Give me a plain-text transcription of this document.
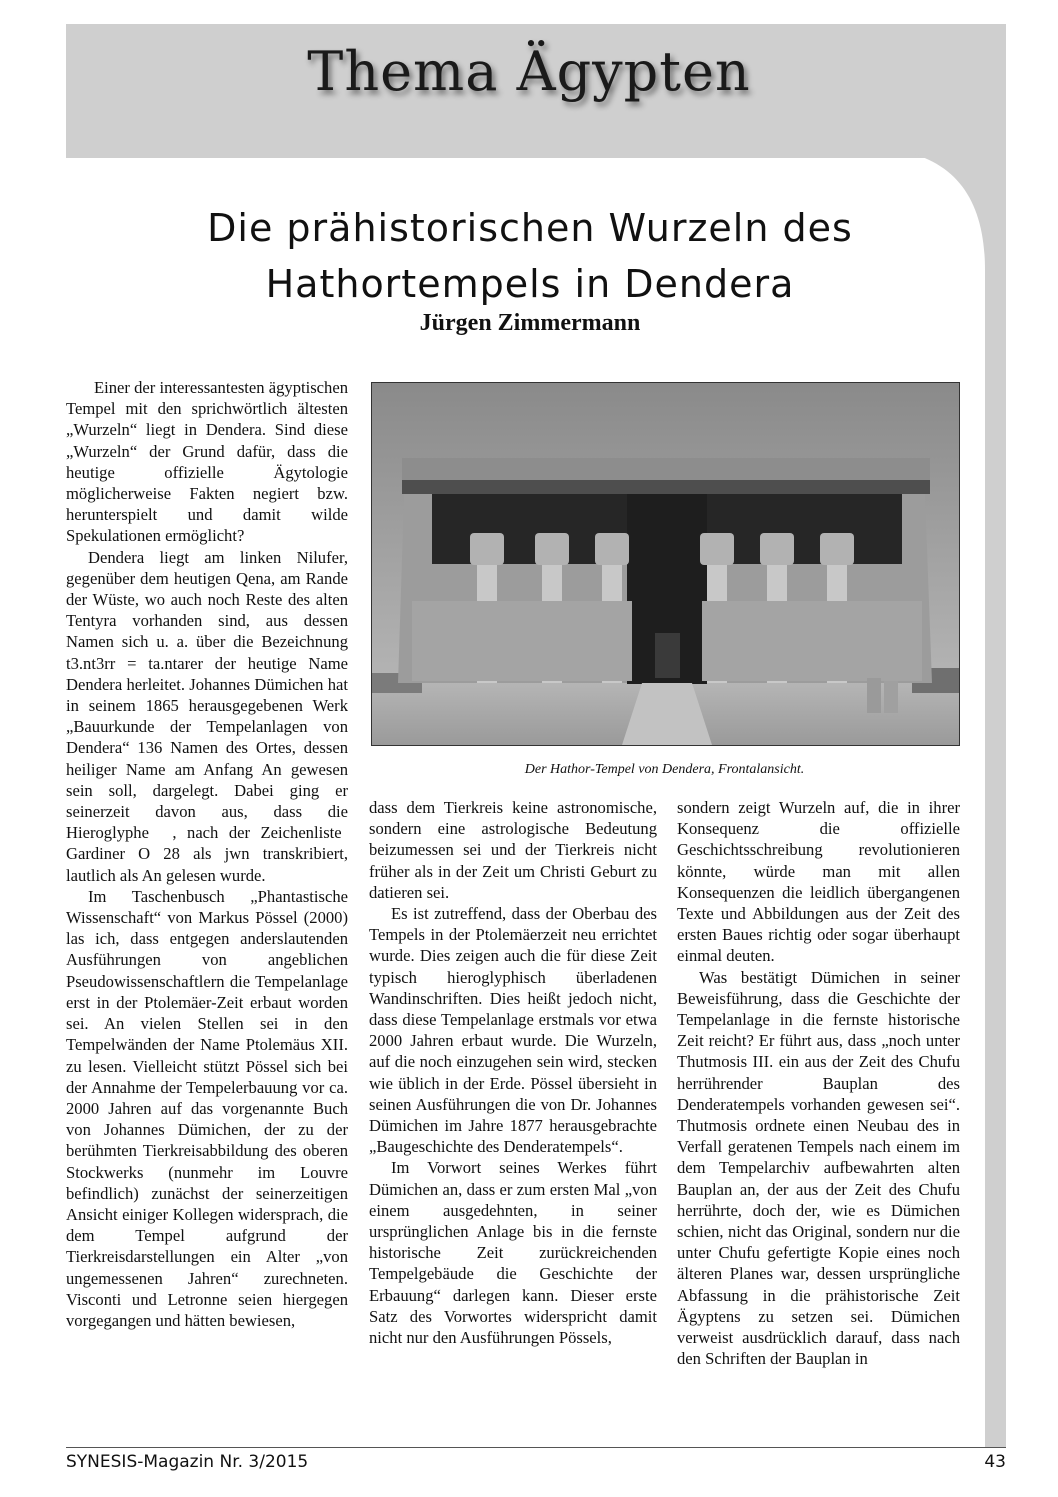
Thema Ägypten
Die prähistorischen Wurzeln des
Hathortempels in Dendera
Jürgen Zimmermann
Der Hathor-Tempel von Dendera, Frontalansicht.

Einer der interessantesten ägyptischen Tempel mit den sprichwörtlich ältesten „Wurzeln“ liegt in Dendera. Sind diese „Wurzeln“ der Grund dafür, dass die heutige offizielle Ägytologie möglicherweise Fakten negiert bzw. herunterspielt und damit wilde Spekulationen ermöglicht?

Dendera liegt am linken Nilufer, gegenüber dem heutigen Qena, am Rande der Wüste, wo auch noch Reste des alten Tentyra vorhanden sind, aus dessen Namen sich u. a. über die Bezeichnung t3.nt3rr = ta.ntarer der heutige Name Dendera herleitet. Johannes Dümichen hat in seinem 1865 herausgegebenen Werk „Bauurkunde der Tempelanlagen von Dendera“ 136 Namen des Ortes, dessen heiliger Name am Anfang An gewesen sein soll, dargelegt. Dabei ging er seinerzeit davon aus, dass die Hieroglyphe ⃞, nach der Zeichenliste Gardiner O 28 als jwn transkribiert, lautlich als An gelesen wurde.

Im Taschenbusch „Phantastische Wissenschaft“ von Markus Pössel (2000) las ich, dass entgegen anderslautenden Ausführungen von angeblichen Pseudowissenschaftlern die Tempelanlage erst in der Ptolemäer-Zeit erbaut worden sei. An vielen Stellen sei in den Tempelwänden der Name Ptolemäus XII. zu lesen. Vielleicht stützt Pössel sich bei der Annahme der Tempelerbauung vor ca. 2000 Jahren auf das vorgenannte Buch von Johannes Dümichen, der zu der berühmten Tierkreisabbildung des oberen Stockwerks (nunmehr im Louvre befindlich) zunächst der seinerzeitigen Ansicht einiger Kollegen widersprach, die dem Tempel aufgrund der Tierkreisdarstellungen ein Alter „von ungemessenen Jahren“ zurechneten. Visconti und Letronne seien hiergegen vorgegangen und hätten bewiesen,

dass dem Tierkreis keine astronomische, sondern eine astrologische Bedeutung beizumessen sei und der Tierkreis nicht früher als in der Zeit um Christi Geburt zu datieren sei.

Es ist zutreffend, dass der Oberbau des Tempels in der Ptolemäerzeit neu errichtet wurde. Dies zeigen auch die für diese Zeit typisch hieroglyphisch überladenen Wandinschriften. Dies heißt jedoch nicht, dass diese Tempelanlage erstmals vor etwa 2000 Jahren erbaut wurde. Die Wurzeln, auf die noch einzugehen sein wird, stecken wie üblich in der Erde. Pössel übersieht in seinen Ausführungen die von Dr. Johannes Dümichen im Jahre 1877 herausgebrachte „Baugeschichte des Denderatempels“.

Im Vorwort seines Werkes führt Dümichen an, dass er zum ersten Mal „von einem ausgedehnten, in seiner ursprünglichen Anlage bis in die fernste historische Zeit zurückreichenden Tempelgebäude die Geschichte der Erbauung“ darlegen kann. Dieser erste Satz des Vorwortes widerspricht damit nicht nur den Ausführungen Pössels,

sondern zeigt Wurzeln auf, die in ihrer Konsequenz die offizielle Geschichtsschreibung revolutionieren könnte, würde man mit allen Konsequenzen die leidlich übergangenen Texte und Abbildungen aus der Zeit des ersten Baues richtig oder sogar überhaupt einmal deuten.

Was bestätigt Dümichen in seiner Beweisführung, dass die Geschichte der Tempelanlage in die fernste historische Zeit reicht? Er führt aus, dass „noch unter Thutmosis III. ein aus der Zeit des Chufu herrührender Bauplan des Denderatempels vorhanden gewesen sei“. Thutmosis ordnete einen Neubau des in Verfall geratenen Tempels nach einem im dem Tempelarchiv aufbewahrten alten Bauplan an, der aus der Zeit des Chufu herrührte, doch der, wie es Dümichen schien, nicht das Original, sondern nur die unter Chufu gefertigte Kopie eines noch älteren Planes war, dessen ursprüngliche Abfassung in die prähistorische Zeit Ägyptens zu setzen sei. Dümichen verweist ausdrücklich darauf, dass nach den Schriften der Bauplan in

SYNESIS-Magazin Nr. 3/2015	43
